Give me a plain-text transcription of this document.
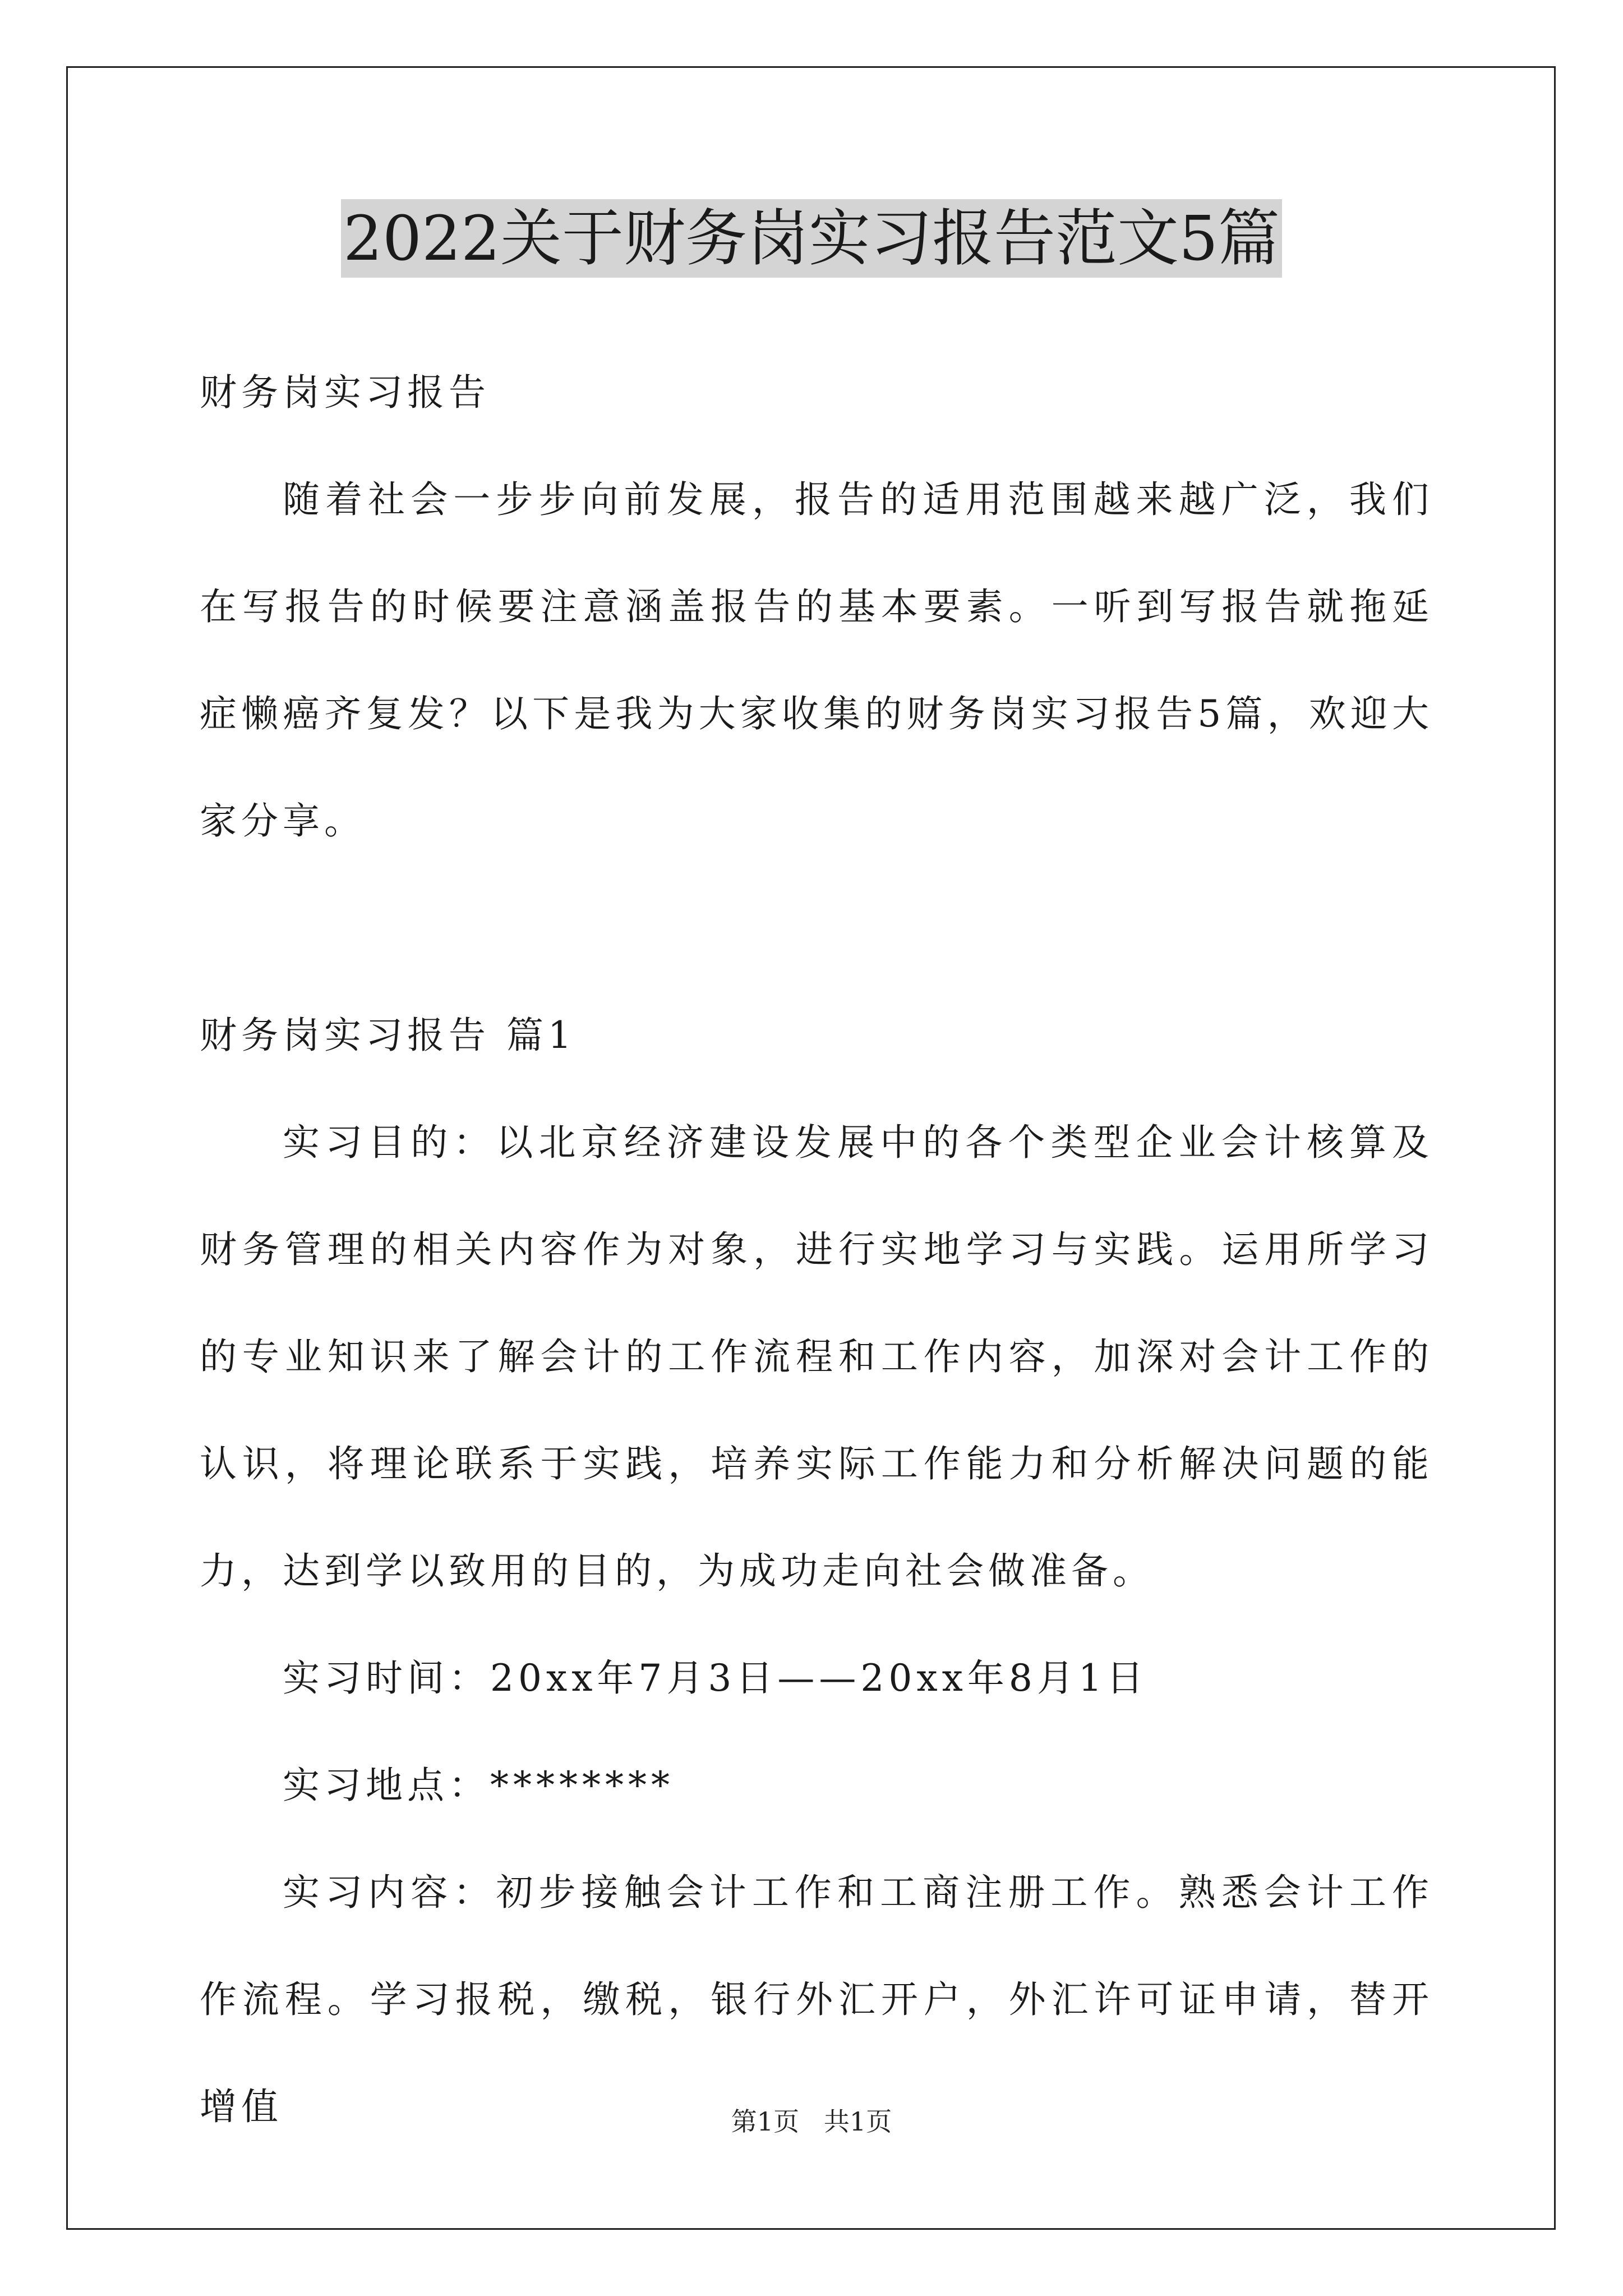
2022关于财务岗实习报告范文5篇

财务岗实习报告

随着社会一步步向前发展，报告的适用范围越来越广泛，我们在写报告的时候要注意涵盖报告的基本要素。一听到写报告就拖延症懒癌齐复发？以下是我为大家收集的财务岗实习报告5篇，欢迎大家分享。

财务岗实习报告 篇1

实习目的：以北京经济建设发展中的各个类型企业会计核算及财务管理的相关内容作为对象，进行实地学习与实践。运用所学习的专业知识来了解会计的工作流程和工作内容，加深对会计工作的认识，将理论联系于实践，培养实际工作能力和分析解决问题的能力，达到学以致用的目的，为成功走向社会做准备。

实习时间：20xx年7月3日——20xx年8月1日

实习地点：********

实习内容：初步接触会计工作和工商注册工作。熟悉会计工作作流程。学习报税，缴税，银行外汇开户，外汇许可证申请，替开增值	第1页   共1页
